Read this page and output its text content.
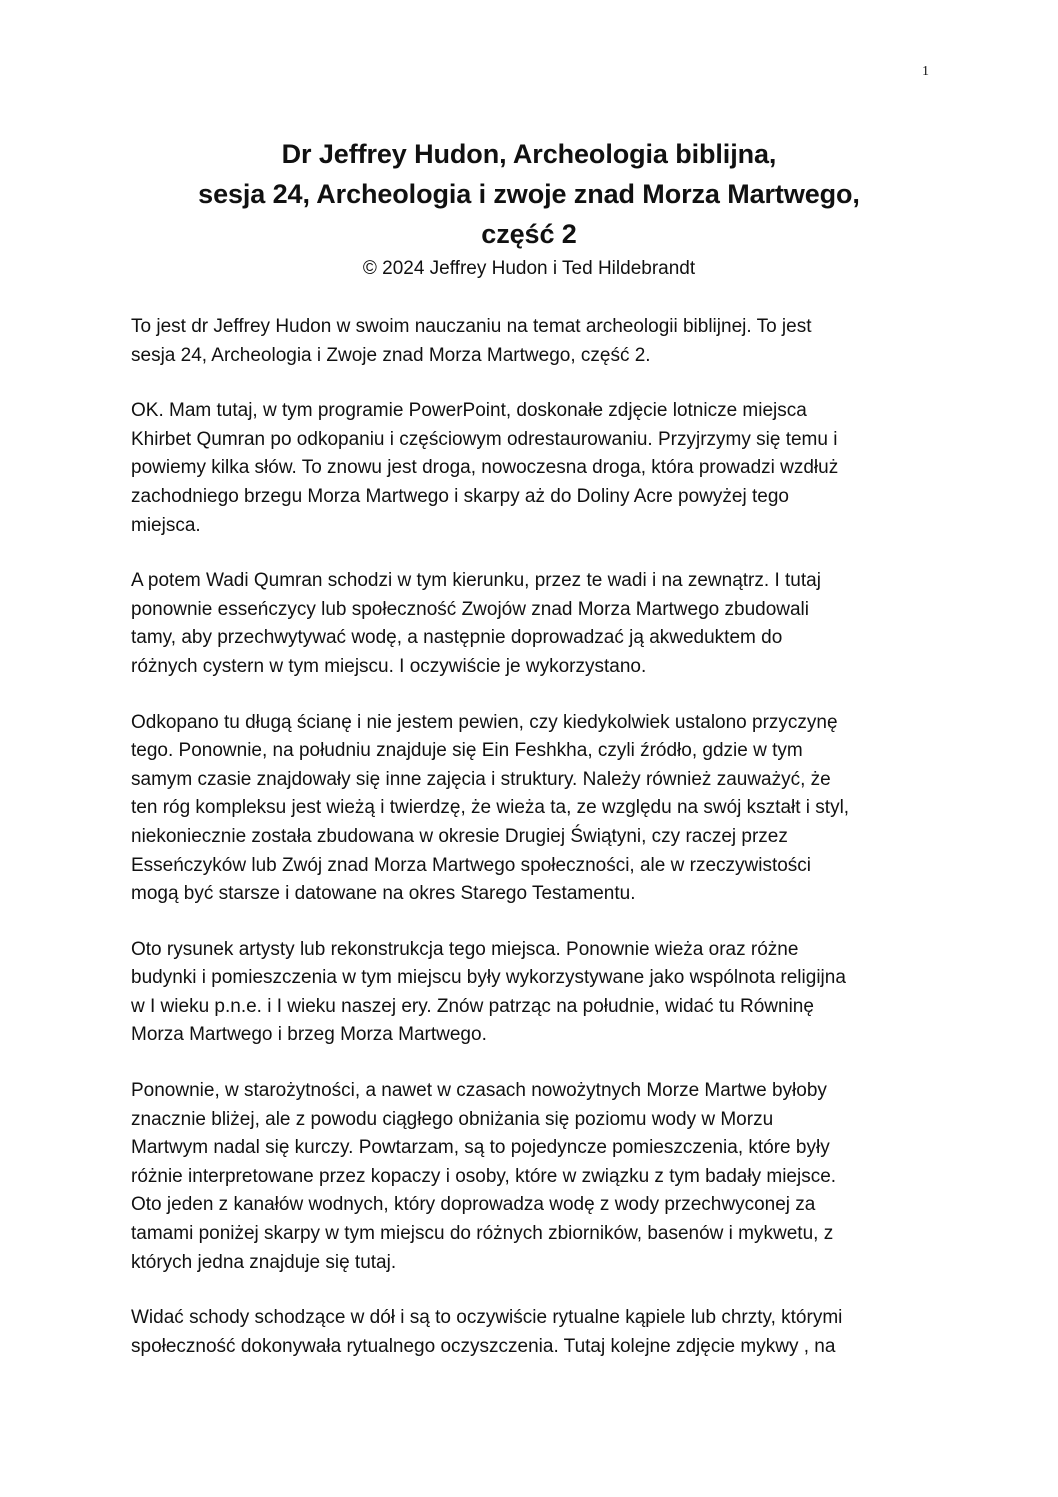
1
Dr Jeffrey Hudon, Archeologia biblijna,
sesja 24, Archeologia i zwoje znad Morza Martwego,
część 2
© 2024 Jeffrey Hudon i Ted Hildebrandt

To jest dr Jeffrey Hudon w swoim nauczaniu na temat archeologii biblijnej. To jest
sesja 24, Archeologia i Zwoje znad Morza Martwego, część 2.

OK. Mam tutaj, w tym programie PowerPoint, doskonałe zdjęcie lotnicze miejsca
Khirbet Qumran po odkopaniu i częściowym odrestaurowaniu. Przyjrzymy się temu i
powiemy kilka słów. To znowu jest droga, nowoczesna droga, która prowadzi wzdłuż
zachodniego brzegu Morza Martwego i skarpy aż do Doliny Acre powyżej tego
miejsca.

A potem Wadi Qumran schodzi w tym kierunku, przez te wadi i na zewnątrz. I tutaj
ponownie esseńczycy lub społeczność Zwojów znad Morza Martwego zbudowali
tamy, aby przechwytywać wodę, a następnie doprowadzać ją akweduktem do
różnych cystern w tym miejscu. I oczywiście je wykorzystano.

Odkopano tu długą ścianę i nie jestem pewien, czy kiedykolwiek ustalono przyczynę
tego. Ponownie, na południu znajduje się Ein Feshkha, czyli źródło, gdzie w tym
samym czasie znajdowały się inne zajęcia i struktury. Należy również zauważyć, że
ten róg kompleksu jest wieżą i twierdzę, że wieża ta, ze względu na swój kształt i styl,
niekoniecznie została zbudowana w okresie Drugiej Świątyni, czy raczej przez
Esseńczyków lub Zwój znad Morza Martwego społeczności, ale w rzeczywistości
mogą być starsze i datowane na okres Starego Testamentu.

Oto rysunek artysty lub rekonstrukcja tego miejsca. Ponownie wieża oraz różne
budynki i pomieszczenia w tym miejscu były wykorzystywane jako wspólnota religijna
w I wieku p.n.e. i I wieku naszej ery. Znów patrząc na południe, widać tu Równinę
Morza Martwego i brzeg Morza Martwego.

Ponownie, w starożytności, a nawet w czasach nowożytnych Morze Martwe byłoby
znacznie bliżej, ale z powodu ciągłego obniżania się poziomu wody w Morzu
Martwym nadal się kurczy. Powtarzam, są to pojedyncze pomieszczenia, które były
różnie interpretowane przez kopaczy i osoby, które w związku z tym badały miejsce.
Oto jeden z kanałów wodnych, który doprowadza wodę z wody przechwyconej za
tamami poniżej skarpy w tym miejscu do różnych zbiorników, basenów i mykwetu, z
których jedna znajduje się tutaj.

Widać schody schodzące w dół i są to oczywiście rytualne kąpiele lub chrzty, którymi
społeczność dokonywała rytualnego oczyszczenia. Tutaj kolejne zdjęcie mykwy , na
